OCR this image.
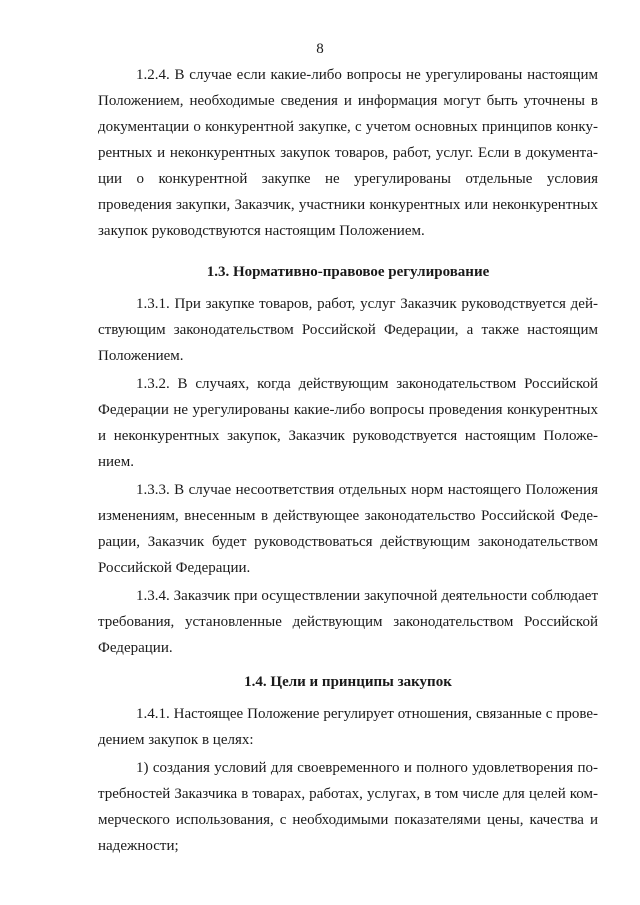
8

1.2.4. В случае если какие-либо вопросы не урегулированы настоящим Положением, необходимые сведения и информация могут быть уточнены в документации о конкурентной закупке, с учетом основных принципов конкурентных и неконкурентных закупок товаров, работ, услуг. Если в документации о конкурентной закупке не урегулированы отдельные условия проведения закупки, Заказчик, участники конкурентных или неконкурентных закупок руководствуются настоящим Положением.

1.3. Нормативно-правовое регулирование

1.3.1. При закупке товаров, работ, услуг Заказчик руководствуется действующим законодательством Российской Федерации, а также настоящим Положением.

1.3.2. В случаях, когда действующим законодательством Российской Федерации не урегулированы какие-либо вопросы проведения конкурентных и неконкурентных закупок, Заказчик руководствуется настоящим Положением.

1.3.3. В случае несоответствия отдельных норм настоящего Положения изменениям, внесенным в действующее законодательство Российской Федерации, Заказчик будет руководствоваться действующим законодательством Российской Федерации.

1.3.4. Заказчик при осуществлении закупочной деятельности соблюдает требования, установленные действующим законодательством Российской Федерации.

1.4. Цели и принципы закупок

1.4.1. Настоящее Положение регулирует отношения, связанные с проведением закупок в целях:

1) создания условий для своевременного и полного удовлетворения потребностей Заказчика в товарах, работах, услугах, в том числе для целей коммерческого использования, с необходимыми показателями цены, качества и надежности;
